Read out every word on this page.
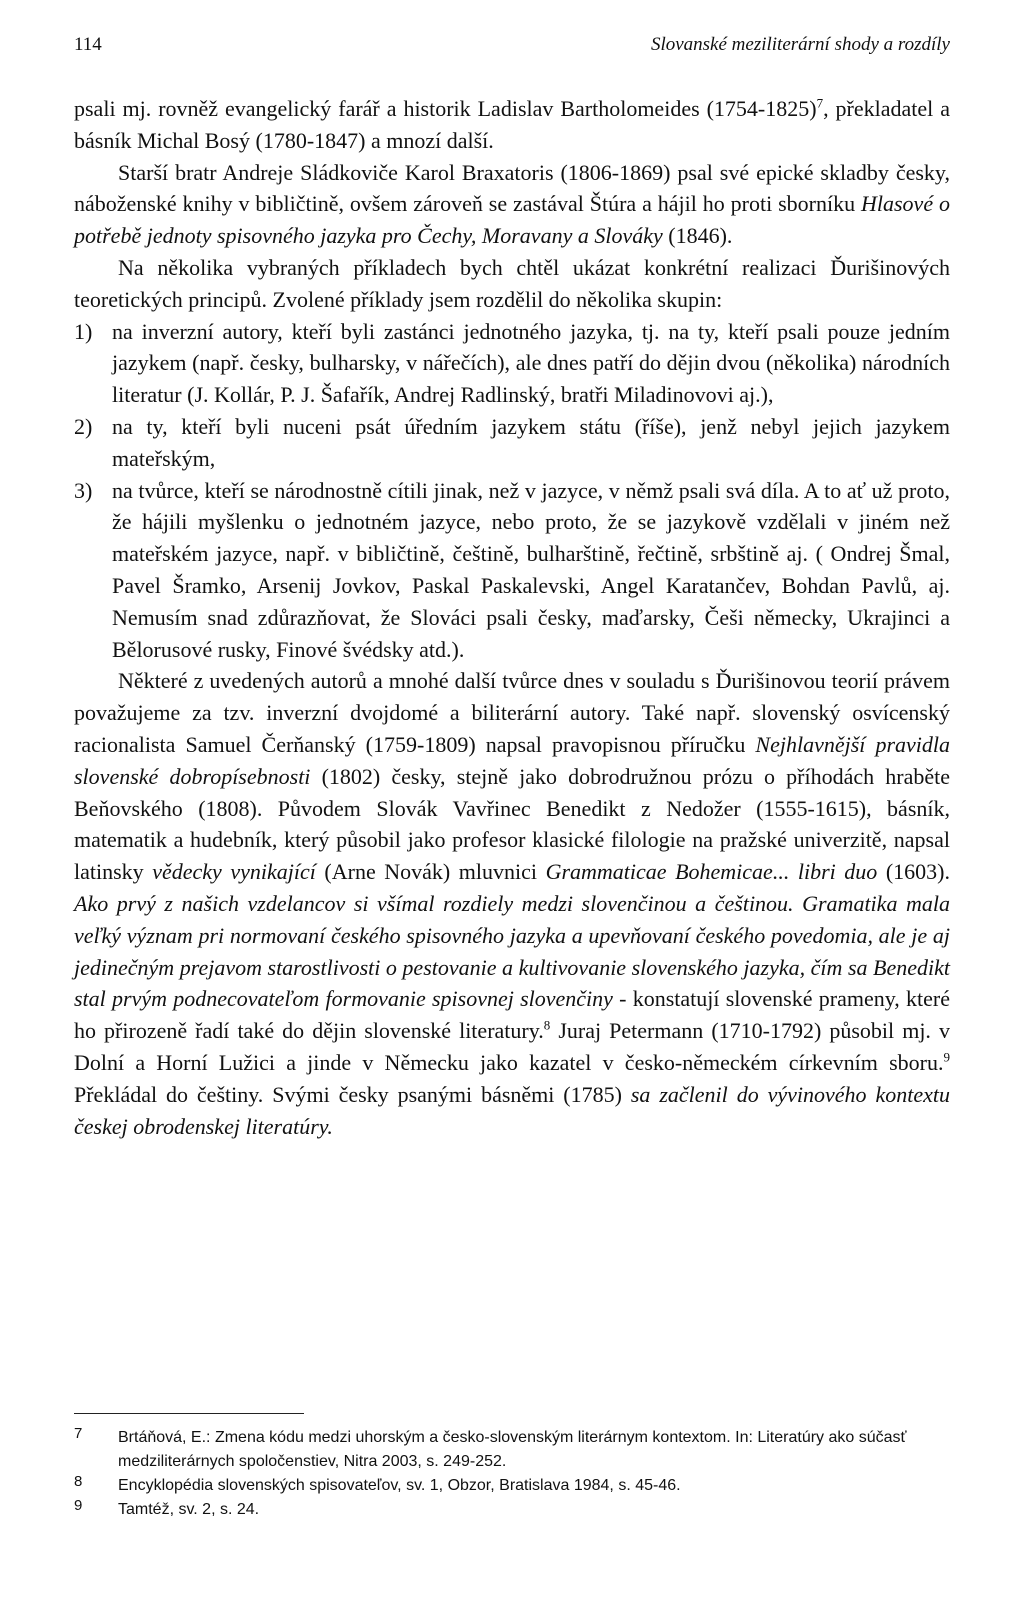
114	Slovanské meziliterární shody a rozdíly

psali mj. rovněž evangelický farář a historik Ladislav Bartholomeides (1754-1825)$^7$, překladatel a básník Michal Bosý (1780-1847) a mnozí další.

Starší bratr Andreje Sládkoviče Karol Braxatoris (1806-1869) psal své epické skladby česky, náboženské knihy v bibličtině, ovšem zároveň se zastával Štúra a hájil ho proti sborníku Hlasové o potřebě jednoty spisovného jazyka pro Čechy, Moravany a Slováky (1846).

Na několika vybraných příkladech bych chtěl ukázat konkrétní realizaci Ďurišinových teoretických principů. Zvolené příklady jsem rozdělil do několika skupin:

1) na inverzní autory, kteří byli zastánci jednotného jazyka, tj. na ty, kteří psali pouze jedním jazykem (např. česky, bulharsky, v nářečích), ale dnes patří do dějin dvou (několika) národních literatur (J. Kollár, P. J. Šafařík, Andrej Radlinský, bratři Miladinovovi aj.),
2) na ty, kteří byli nuceni psát úředním jazykem státu (říše), jenž nebyl jejich jazykem mateřským,
3) na tvůrce, kteří se národnostně cítili jinak, než v jazyce, v němž psali svá díla. A to ať už proto, že hájili myšlenku o jednotném jazyce, nebo proto, že se jazykově vzdělali v jiném než mateřském jazyce, např. v bibličtině, češtině, bulharštině, řečtině, srbštině aj. ( Ondrej Šmal, Pavel Šramko, Arsenij Jovkov, Paskal Paskalevski, Angel Karatančev, Bohdan Pavlů, aj. Nemusím snad zdůrazňovat, že Slováci psali česky, maďarsky, Češi německy, Ukrajinci a Bělorusové rusky, Finové švédsky atd.).

Některé z uvedených autorů a mnohé další tvůrce dnes v souladu s Ďurišinovou teorií právem považujeme za tzv. inverzní dvojdomé a biliterární autory. Také např. slovenský osvícenský racionalista Samuel Čerňanský (1759-1809) napsal pravopisnou příručku Nejhlavnější pravidla slovenské dobropísebnosti (1802) česky, stejně jako dobrodružnou prózu o příhodách hraběte Beňovského (1808). Původem Slovák Vavřinec Benedikt z Nedožer (1555-1615), básník, matematik a hudebník, který působil jako profesor klasické filologie na pražské univerzitě, napsal latinsky vědecky vynikající (Arne Novák) mluvnici Grammaticae Bohemicae... libri duo (1603). Ako prvý z našich vzdelancov si všímal rozdiely medzi slovenčinou a češtinou. Gramatika mala veľký význam pri normovaní českého spisovného jazyka a upevňovaní českého povedomia, ale je aj jedinečným prejavom starostlivosti o pestovanie a kultivovanie slovenského jazyka, čím sa Benedikt stal prvým podnecovateľom formovanie spisovnej slovenčiny - konstatují slovenské prameny, které ho přirozeně řadí také do dějin slovenské literatury.$^8$ Juraj Petermann (1710-1792) působil mj. v Dolní a Horní Lužici a jinde v Německu jako kazatel v česko-německém církevním sboru.$^9$ Překládal do češtiny. Svými česky psanými básněmi (1785) sa začlenil do vývinového kontextu českej obrodenskej literatúry.

7 Brtáňová, E.: Zmena kódu medzi uhorským a česko-slovenským literárnym kontextom. In: Literatúry ako súčasť medziliterárnych spoločenstiev, Nitra 2003, s. 249-252.
8 Encyklopédia slovenských spisovateľov, sv. 1, Obzor, Bratislava 1984, s. 45-46.
9 Tamtéž, sv. 2, s. 24.
